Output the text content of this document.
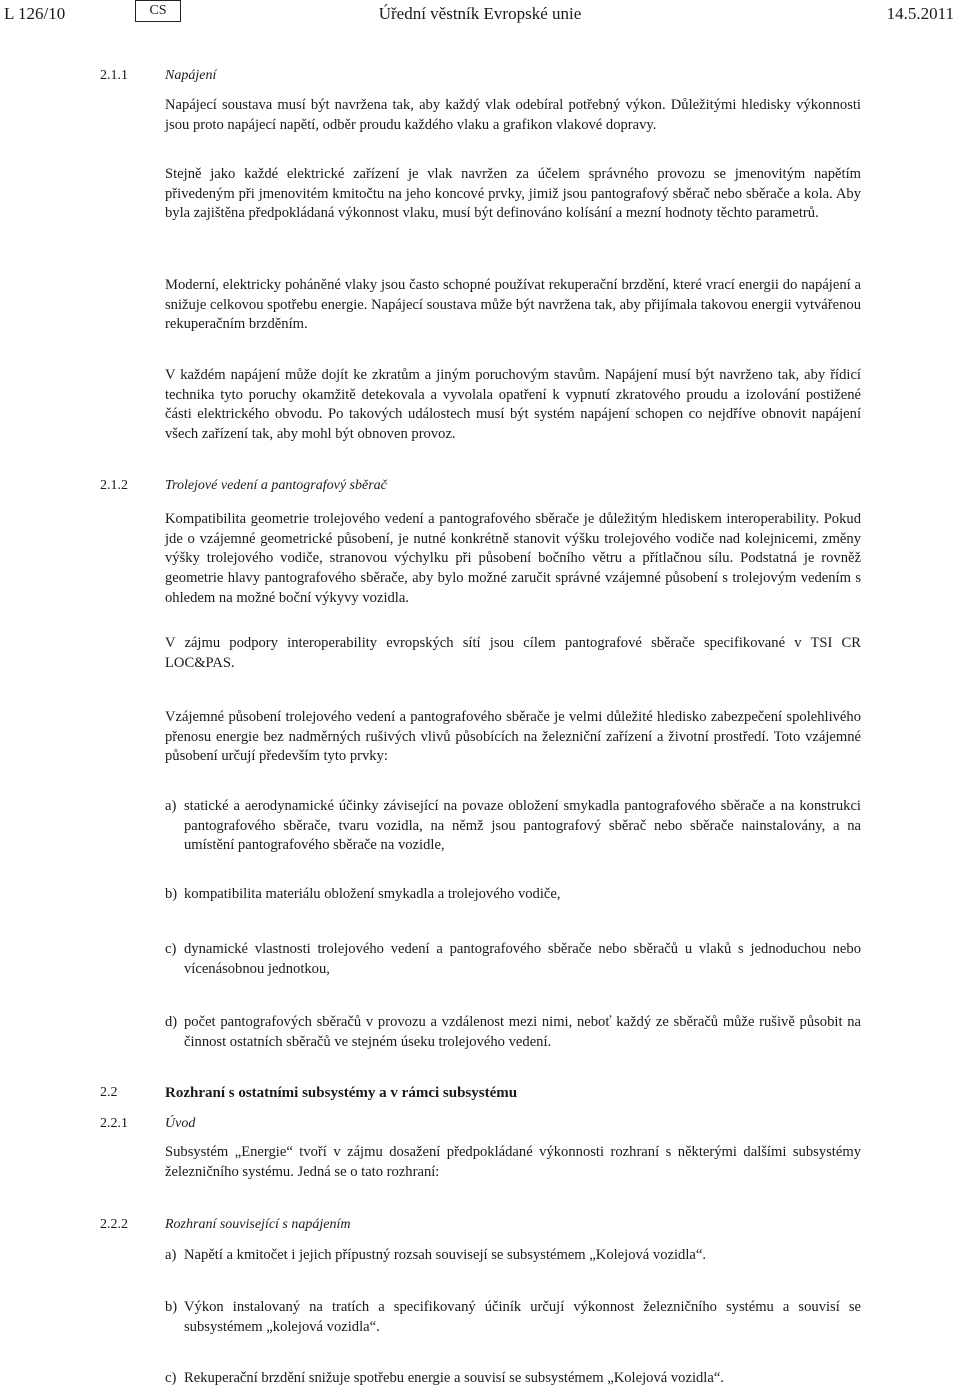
Úřední věstník Evropské unie
L 126/10	CS	14.5.2011
2.1.1	Napájení

Napájecí soustava musí být navržena tak, aby každý vlak odebíral potřebný výkon. Důležitými hledisky výkonnosti jsou proto napájecí napětí, odběr proudu každého vlaku a grafikon vlakové dopravy.

Stejně jako každé elektrické zařízení je vlak navržen za účelem správného provozu se jmenovitým napětím přivedeným při jmenovitém kmitočtu na jeho koncové prvky, jimiž jsou pantografový sběrač nebo sběrače a kola. Aby byla zajištěna předpokládaná výkonnost vlaku, musí být definováno kolísání a mezní hodnoty těchto parametrů.

Moderní, elektricky poháněné vlaky jsou často schopné používat rekuperační brzdění, které vrací energii do napájení a snižuje celkovou spotřebu energie. Napájecí soustava může být navržena tak, aby přijímala takovou energii vytvářenou rekuperačním brzděním.

V každém napájení může dojít ke zkratům a jiným poruchovým stavům. Napájení musí být navrženo tak, aby řídicí technika tyto poruchy okamžitě detekovala a vyvolala opatření k vypnutí zkratového proudu a izolování postižené části elektrického obvodu. Po takových událostech musí být systém napájení schopen co nejdříve obnovit napájení všech zařízení tak, aby mohl být obnoven provoz.

2.1.2	Trolejové vedení a pantografový sběrač

Kompatibilita geometrie trolejového vedení a pantografového sběrače je důležitým hlediskem interoperability. Pokud jde o vzájemné geometrické působení, je nutné konkrétně stanovit výšku trolejového vodiče nad kolejnicemi, změny výšky trolejového vodiče, stranovou výchylku při působení bočního větru a přítlačnou sílu. Podstatná je rovněž geometrie hlavy pantografového sběrače, aby bylo možné zaručit správné vzájemné působení s trolejovým vedením s ohledem na možné boční výkyvy vozidla.

V zájmu podpory interoperability evropských sítí jsou cílem pantografové sběrače specifikované v TSI CR LOC&PAS.

Vzájemné působení trolejového vedení a pantografového sběrače je velmi důležité hledisko zabezpečení spolehlivého přenosu energie bez nadměrných rušivých vlivů působících na železniční zařízení a životní prostředí. Toto vzájemné působení určují především tyto prvky:

a) statické a aerodynamické účinky závisející na povaze obložení smykadla pantografového sběrače a na konstrukci pantografového sběrače, tvaru vozidla, na němž jsou pantografový sběrač nebo sběrače nainstalovány, a na umístění pantografového sběrače na vozidle,
b) kompatibilita materiálu obložení smykadla a trolejového vodiče,
c) dynamické vlastnosti trolejového vedení a pantografového sběrače nebo sběračů u vlaků s jednoduchou nebo vícenásobnou jednotkou,
d) počet pantografových sběračů v provozu a vzdálenost mezi nimi, neboť každý ze sběračů může rušivě působit na činnost ostatních sběračů ve stejném úseku trolejového vedení.
2.2	Rozhraní s ostatními subsystémy a v rámci subsystému
2.2.1	Úvod

Subsystém „Energie“ tvoří v zájmu dosažení předpokládané výkonnosti rozhraní s některými dalšími subsystémy železničního systému. Jedná se o tato rozhraní:

2.2.2	Rozhraní související s napájením
a) Napětí a kmitočet i jejich přípustný rozsah souvisejí se subsystémem „Kolejová vozidla“.
b) Výkon instalovaný na tratích a specifikovaný účiník určují výkonnost železničního systému a souvisí se subsystémem „kolejová vozidla“.
c) Rekuperační brzdění snižuje spotřebu energie a souvisí se subsystémem „Kolejová vozidla“.
